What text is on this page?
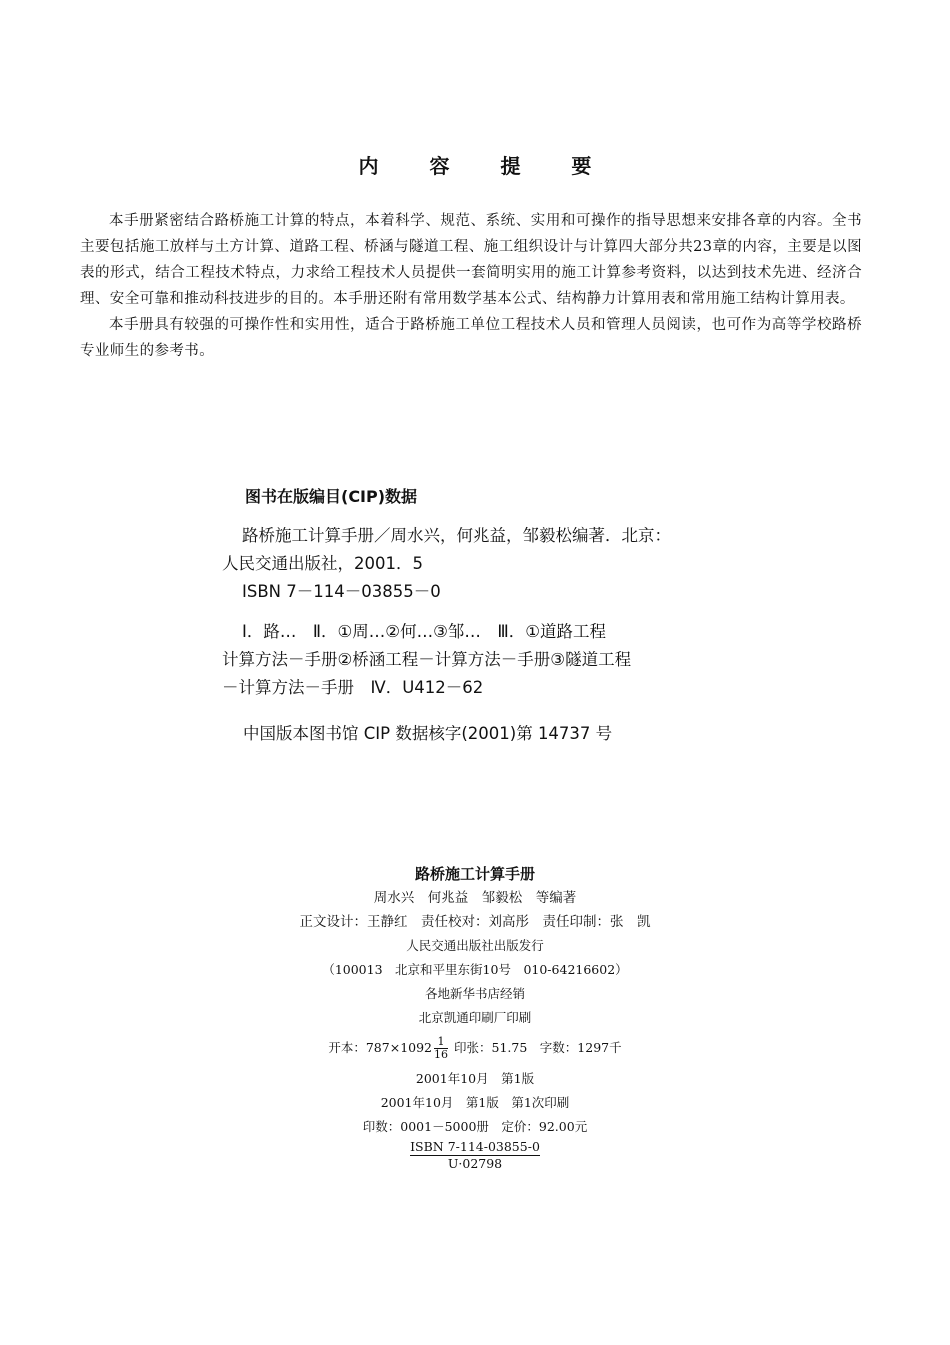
内 容 提 要

本手册紧密结合路桥施工计算的特点，本着科学、规范、系统、实用和可操作的指导思想来安排各章的内容。全书主要包括施工放样与土方计算、道路工程、桥涵与隧道工程、施工组织设计与计算四大部分共23章的内容，主要是以图表的形式，结合工程技术特点，力求给工程技术人员提供一套简明实用的施工计算参考资料，以达到技术先进、经济合理、安全可靠和推动科技进步的目的。本手册还附有常用数学基本公式、结构静力计算用表和常用施工结构计算用表。

本手册具有较强的可操作性和实用性，适合于路桥施工单位工程技术人员和管理人员阅读，也可作为高等学校路桥专业师生的参考书。

图书在版编目(CIP)数据

路桥施工计算手册／周水兴，何兆益，邹毅松编著．北京：

人民交通出版社，2001．5

ISBN 7－114－03855－0

Ⅰ．路…　Ⅱ．①周…②何…③邹…　Ⅲ．①道路工程

计算方法－手册②桥涵工程－计算方法－手册③隧道工程

－计算方法－手册　Ⅳ．U412－62

中国版本图书馆 CIP 数据核字(2001)第 14737 号
路桥施工计算手册
周水兴　何兆益　邹毅松　等编著
正文设计：王静红　责任校对：刘高彤　责任印制：张　凯
人民交通出版社出版发行
（100013　北京和平里东街10号　010-64216602）
各地新华书店经销
北京凯通印刷厂印刷
开本：$787\times 1092 \frac{1}{16}$ 印张：51.75　字数：1297千
2001年10月　第1版
2001年10月　第1版　第1次印刷
印数：0001－5000册　定价：92.00元
ISBN 7-114-03855-0
U·02798
